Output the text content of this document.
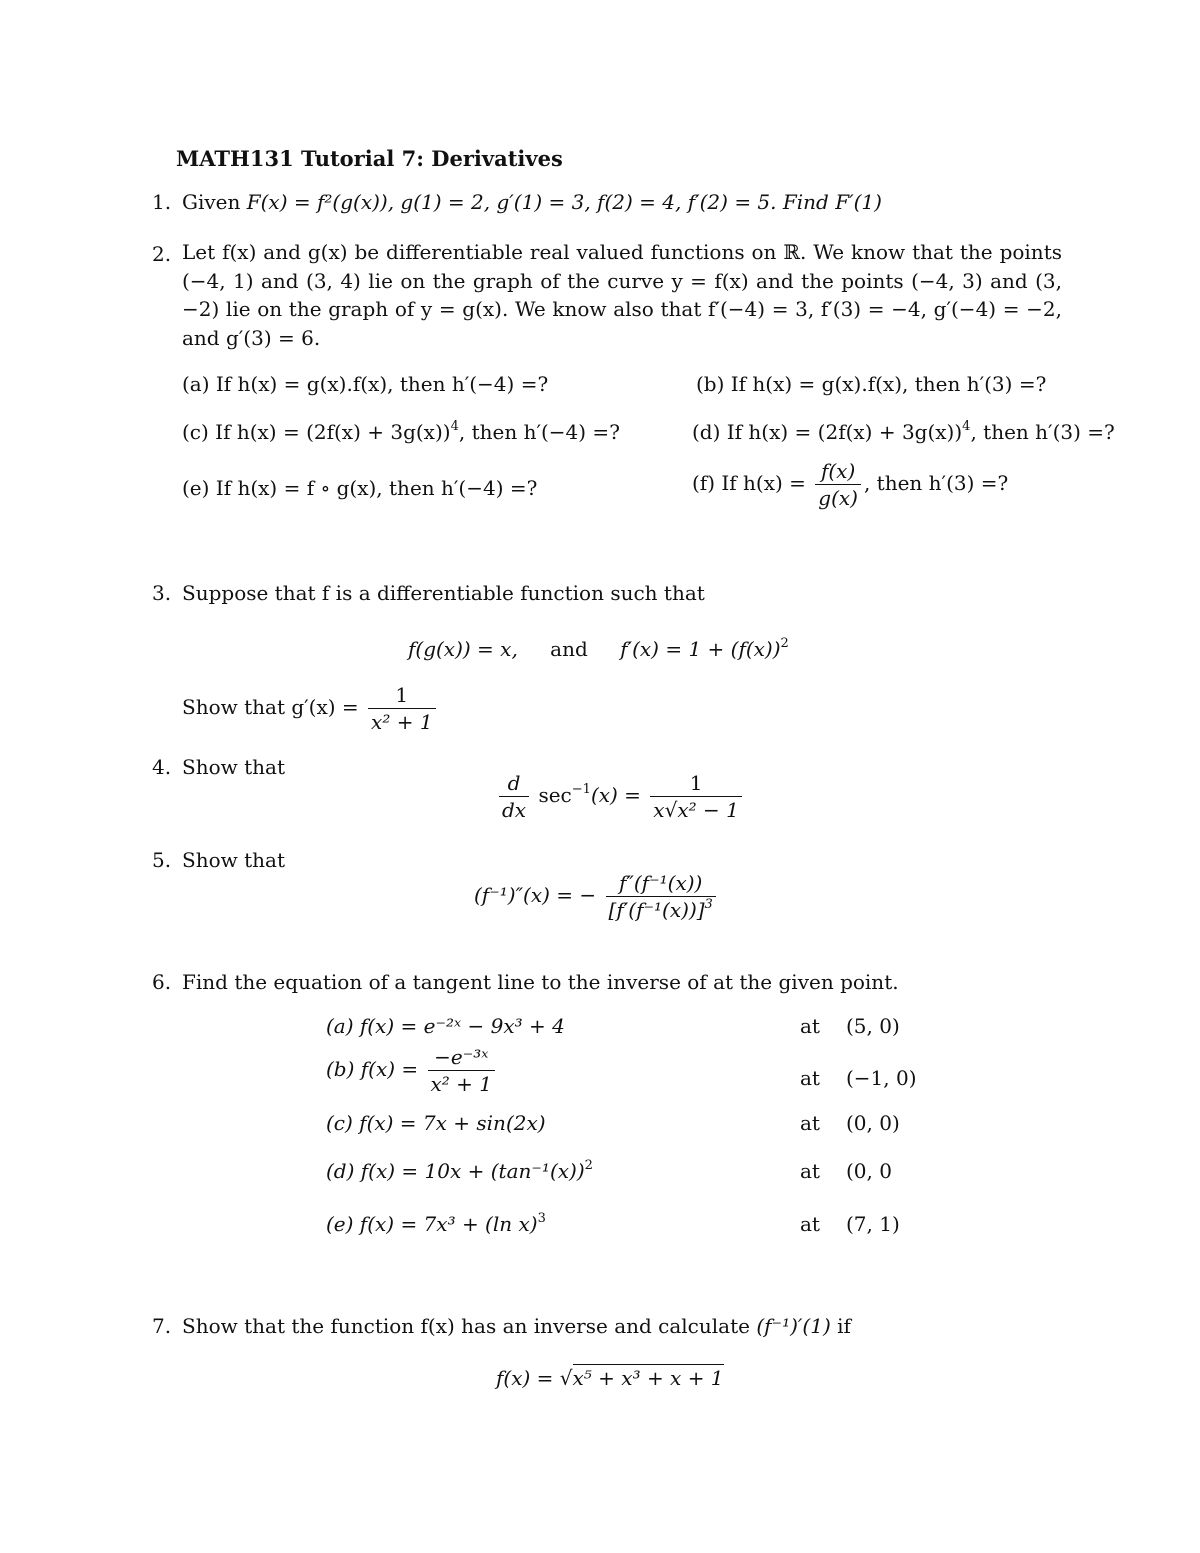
MATH131 Tutorial 7: Derivatives
1. Given F(x) = f²(g(x)), g(1) = 2, g′(1) = 3, f(2) = 4, f′(2) = 5. Find F′(1)
2. Let f(x) and g(x) be differentiable real valued functions on ℝ. We know that the points (−4, 1) and (3, 4) lie on the graph of the curve y = f(x) and the points (−4, 3) and (3, −2) lie on the graph of y = g(x). We know also that f′(−4) = 3, f′(3) = −4, g′(−4) = −2, and g′(3) = 6.
(a) If h(x) = g(x).f(x), then h′(−4) =?	(b) If h(x) = g(x).f(x), then h′(3) =?
(c) If $h(x) = (2f(x) + 3g(x))^4$, then h′(−4) =?	(d) If $h(x) = (2f(x) + 3g(x))^4$, then h′(3) =?
(e) If h(x) = f ∘ g(x), then h′(−4) =?	(f) If $h(x) = \frac{f(x)}{g(x)}$ , then h′(3) =?
3. Suppose that f is a differentiable function such that
f(g(x)) = x, and $f'(x) = 1 + (f(x))^2$
Show that $g'(x) = \frac{1}{\text{x² + 1}}$
4. Show that
$\frac{d}{dx} \sec^{-1}(x) = \frac{1}{\text{x√x² − 1}}$
5. Show that
(f⁻¹)″(x) = − $\frac{\text{f″(f⁻¹(x))}}{[f'(f^{-1}(x))]^3}$
6. Find the equation of a tangent line to the inverse of at the given point.
(a) f(x) = e⁻²ˣ − 9x³ + 4	at (5, 0)
(b) $f(x) = \frac{\text{−e⁻³ˣ}}{\text{x² + 1}}$	at (−1, 0)
(c) f(x) = 7x + sin(2x)	at (0, 0)
(d) $f(x) = 10x + (\tan^{-1}(x))^2$	at (0, 0
(e) f(x) = 7x³ + (ln x)$^3$	at (7, 1)
7. Show that the function f(x) has an inverse and calculate (f⁻¹)′(1) if
f(x) = √x⁵ + x³ + x + 1
